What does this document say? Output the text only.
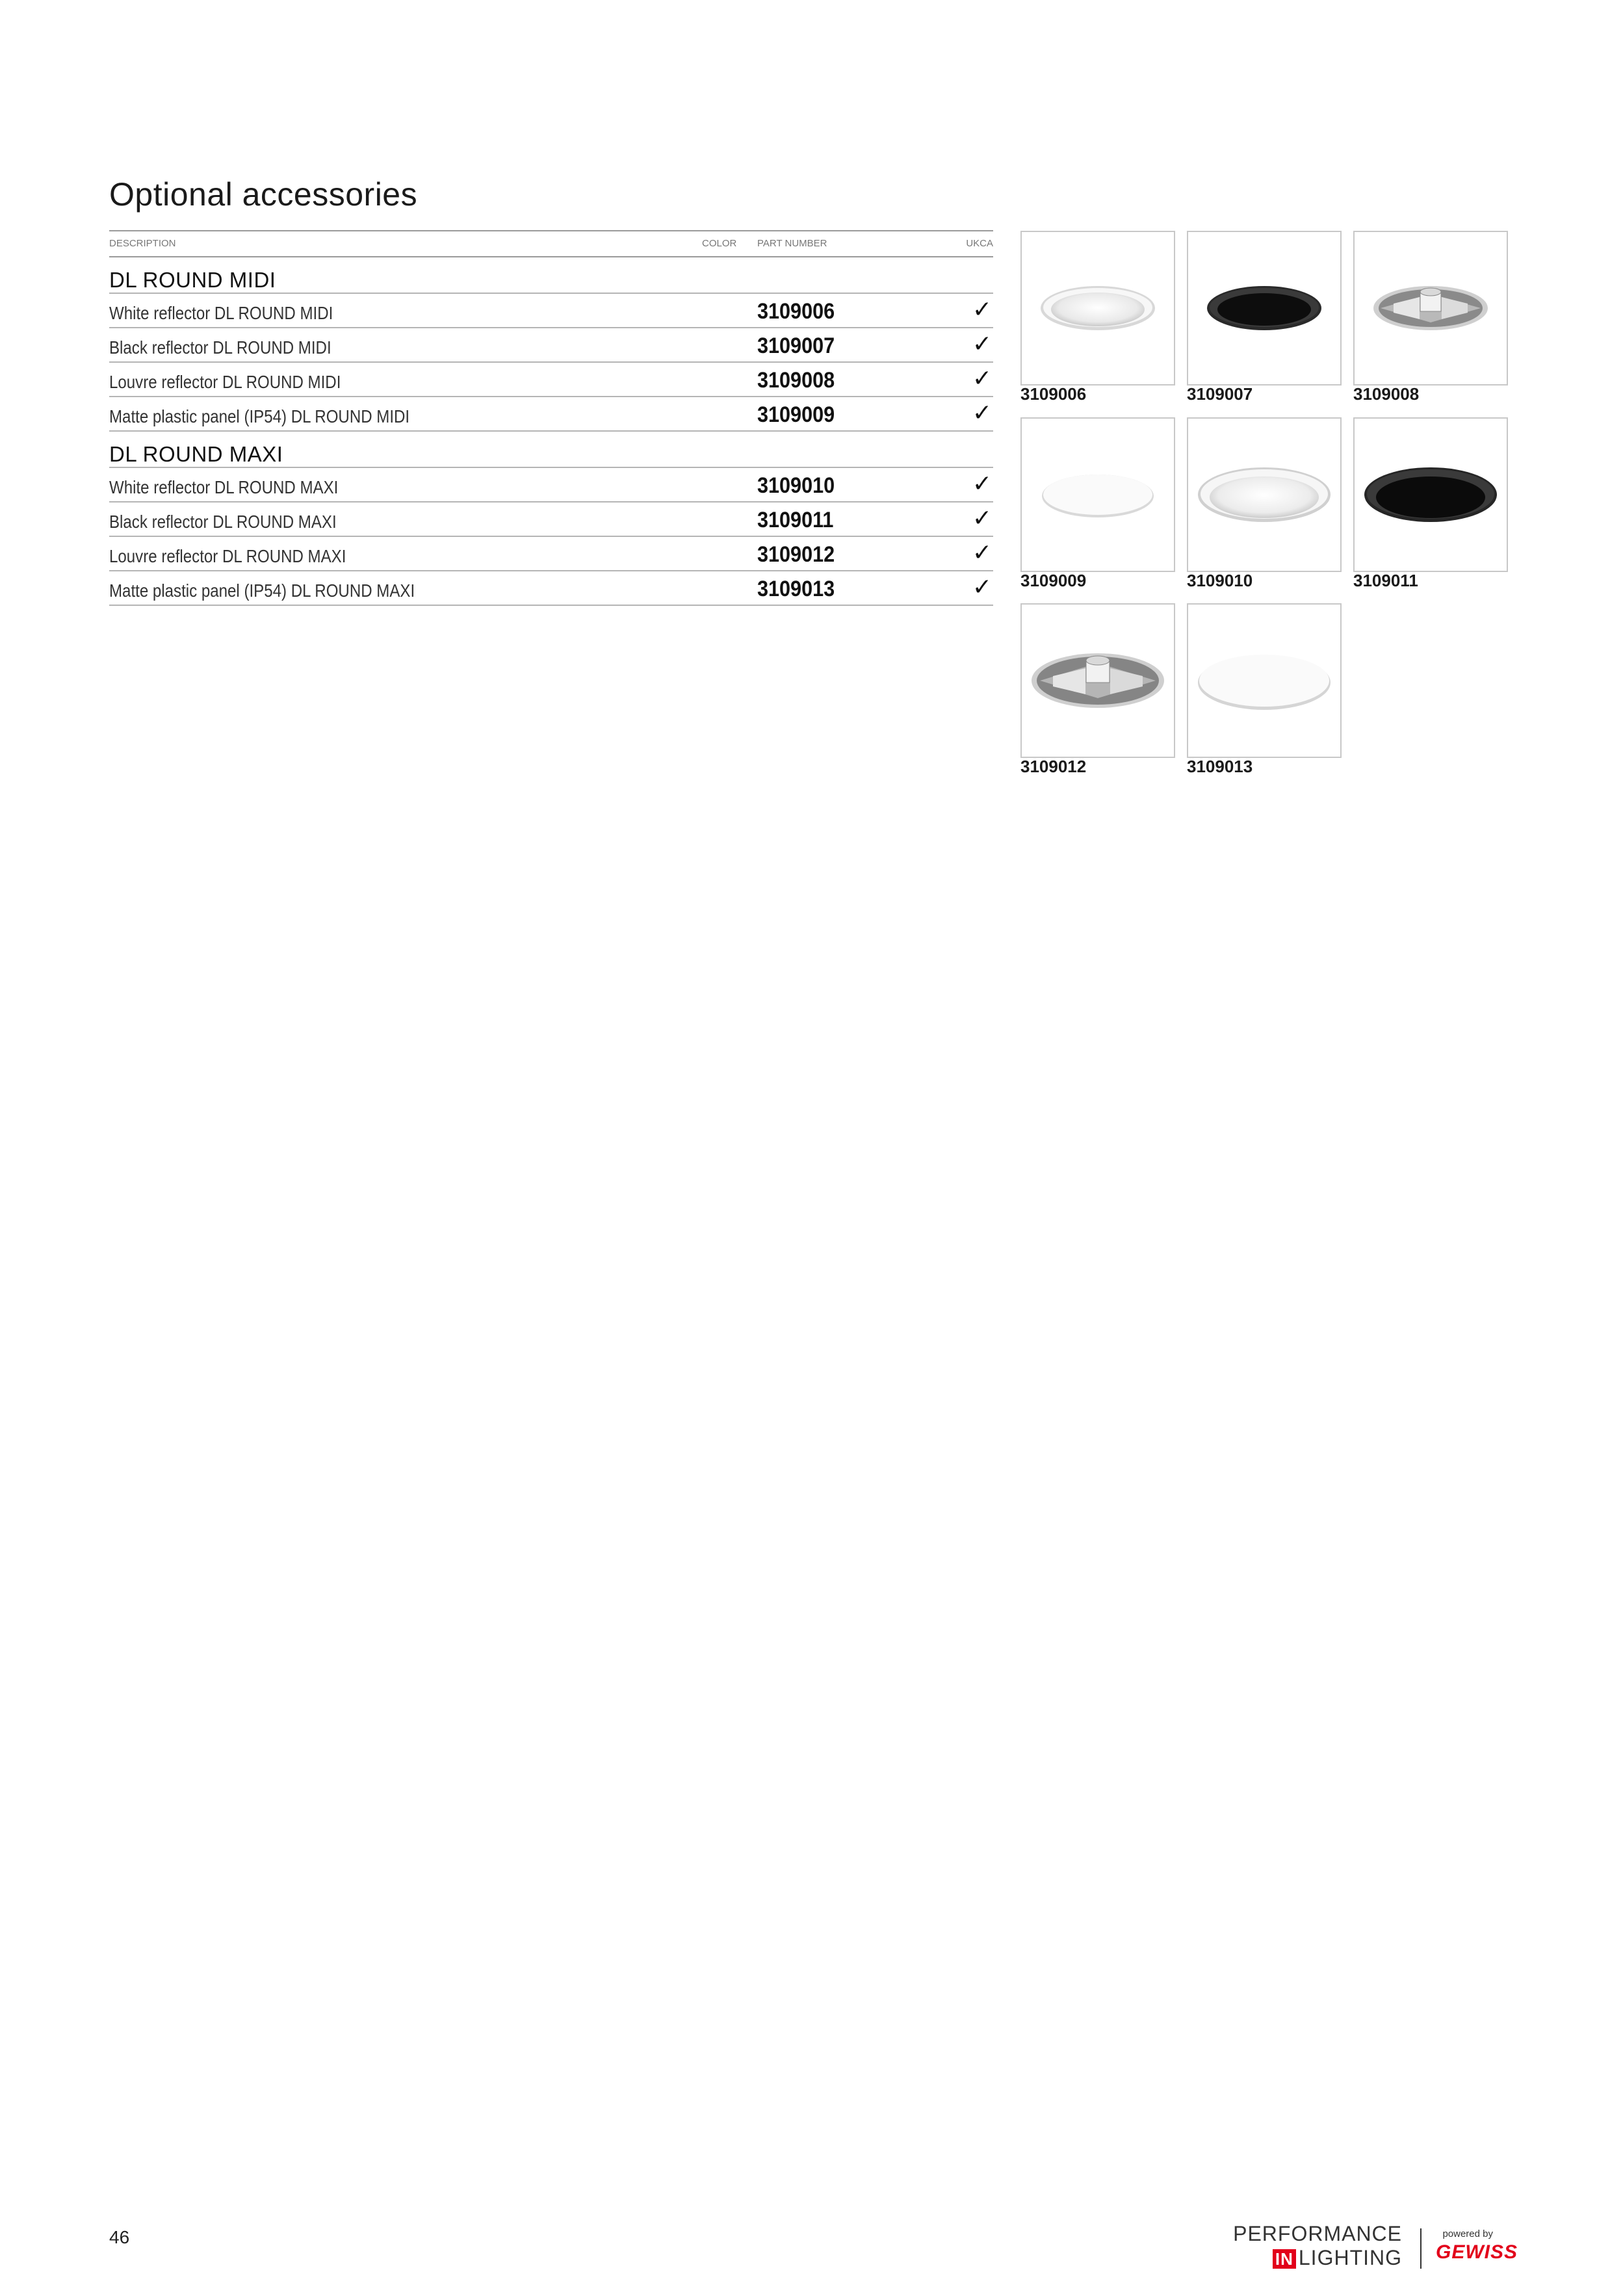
Optional accessories
DESCRIPTION	COLOR PART NUMBER	UKCA
DL ROUND MIDI
White reflector DL ROUND MIDI	3109006	✓
Black reflector DL ROUND MIDI	3109007	✓
Louvre reflector DL ROUND MIDI	3109008	✓
Matte plastic panel (IP54) DL ROUND MIDI	3109009	✓
DL ROUND MAXI
White reflector DL ROUND MAXI	3109010	✓
Black reflector DL ROUND MAXI	3109011	✓
Louvre reflector DL ROUND MAXI	3109012	✓
Matte plastic panel (IP54) DL ROUND MAXI	3109013	✓
3109006	3109007	3109008
3109009	3109010	3109011
3109012	3109013
46	PERFORMANCE
IN LIGHTING
powered by
GEWISS
